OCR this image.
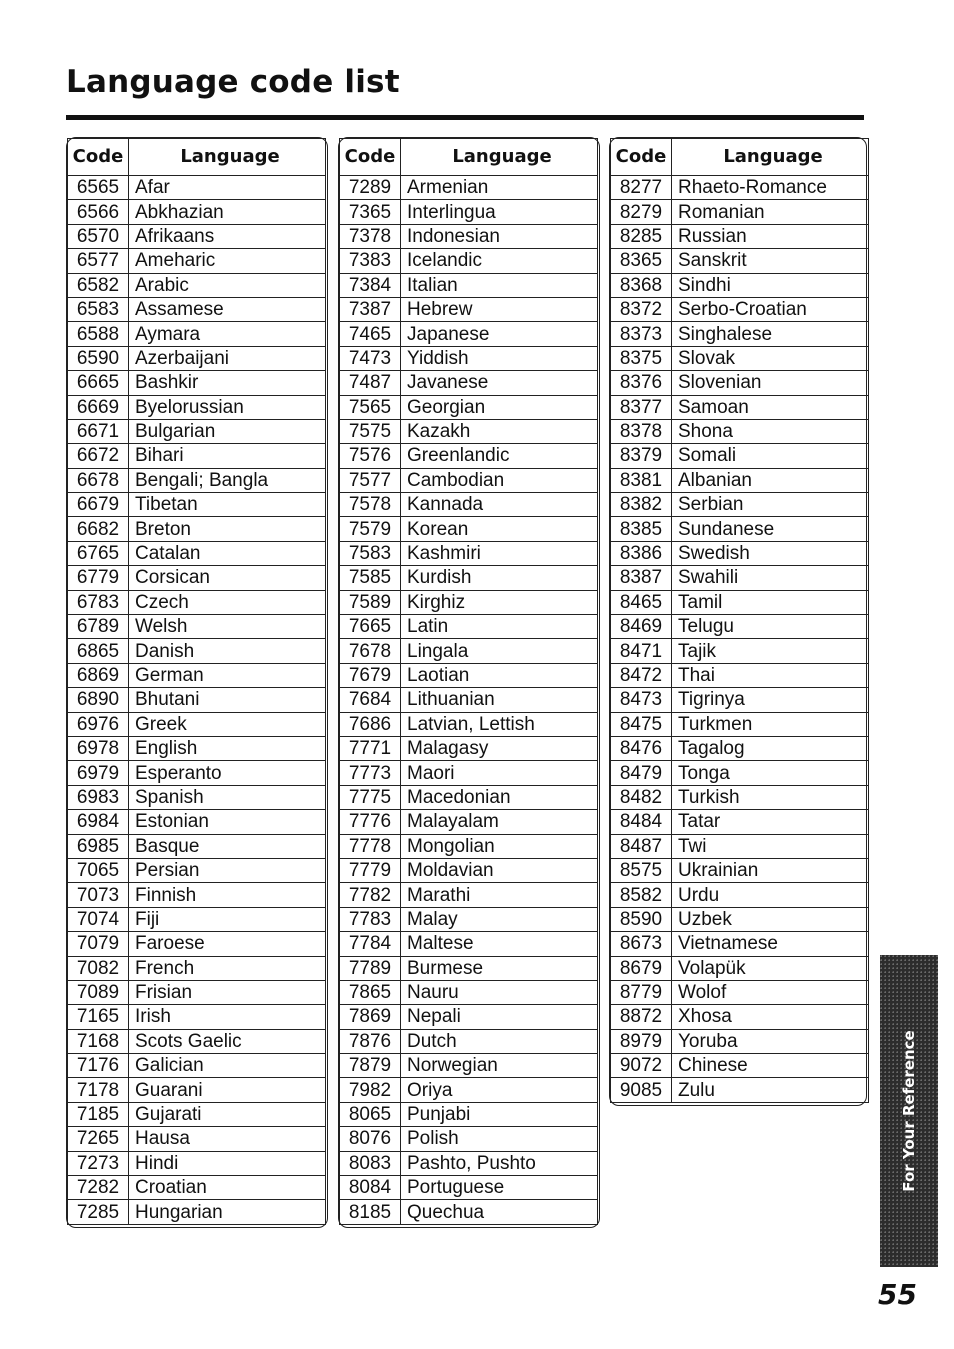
Language code list
Code	Language
6565	Afar
6566	Abkhazian
6570	Afrikaans
6577	Ameharic
6582	Arabic
6583	Assamese
6588	Aymara
6590	Azerbaijani
6665	Bashkir
6669	Byelorussian
6671	Bulgarian
6672	Bihari
6678	Bengali; Bangla
6679	Tibetan
6682	Breton
6765	Catalan
6779	Corsican
6783	Czech
6789	Welsh
6865	Danish
6869	German
6890	Bhutani
6976	Greek
6978	English
6979	Esperanto
6983	Spanish
6984	Estonian
6985	Basque
7065	Persian
7073	Finnish
7074	Fiji
7079	Faroese
7082	French
7089	Frisian
7165	Irish
7168	Scots Gaelic
7176	Galician
7178	Guarani
7185	Gujarati
7265	Hausa
7273	Hindi
7282	Croatian
7285	Hungarian
Code	Language
7289	Armenian
7365	Interlingua
7378	Indonesian
7383	Icelandic
7384	Italian
7387	Hebrew
7465	Japanese
7473	Yiddish
7487	Javanese
7565	Georgian
7575	Kazakh
7576	Greenlandic
7577	Cambodian
7578	Kannada
7579	Korean
7583	Kashmiri
7585	Kurdish
7589	Kirghiz
7665	Latin
7678	Lingala
7679	Laotian
7684	Lithuanian
7686	Latvian, Lettish
7771	Malagasy
7773	Maori
7775	Macedonian
7776	Malayalam
7778	Mongolian
7779	Moldavian
7782	Marathi
7783	Malay
7784	Maltese
7789	Burmese
7865	Nauru
7869	Nepali
7876	Dutch
7879	Norwegian
7982	Oriya
8065	Punjabi
8076	Polish
8083	Pashto, Pushto
8084	Portuguese
8185	Quechua
Code	Language
8277	Rhaeto-Romance
8279	Romanian
8285	Russian
8365	Sanskrit
8368	Sindhi
8372	Serbo-Croatian
8373	Singhalese
8375	Slovak
8376	Slovenian
8377	Samoan
8378	Shona
8379	Somali
8381	Albanian
8382	Serbian
8385	Sundanese
8386	Swedish
8387	Swahili
8465	Tamil
8469	Telugu
8471	Tajik
8472	Thai
8473	Tigrinya
8475	Turkmen
8476	Tagalog
8479	Tonga
8482	Turkish
8484	Tatar
8487	Twi
8575	Ukrainian
8582	Urdu
8590	Uzbek
8673	Vietnamese
8679	Volapük
8779	Wolof
8872	Xhosa
8979	Yoruba
9072	Chinese
9085	Zulu	For Your Reference
55
